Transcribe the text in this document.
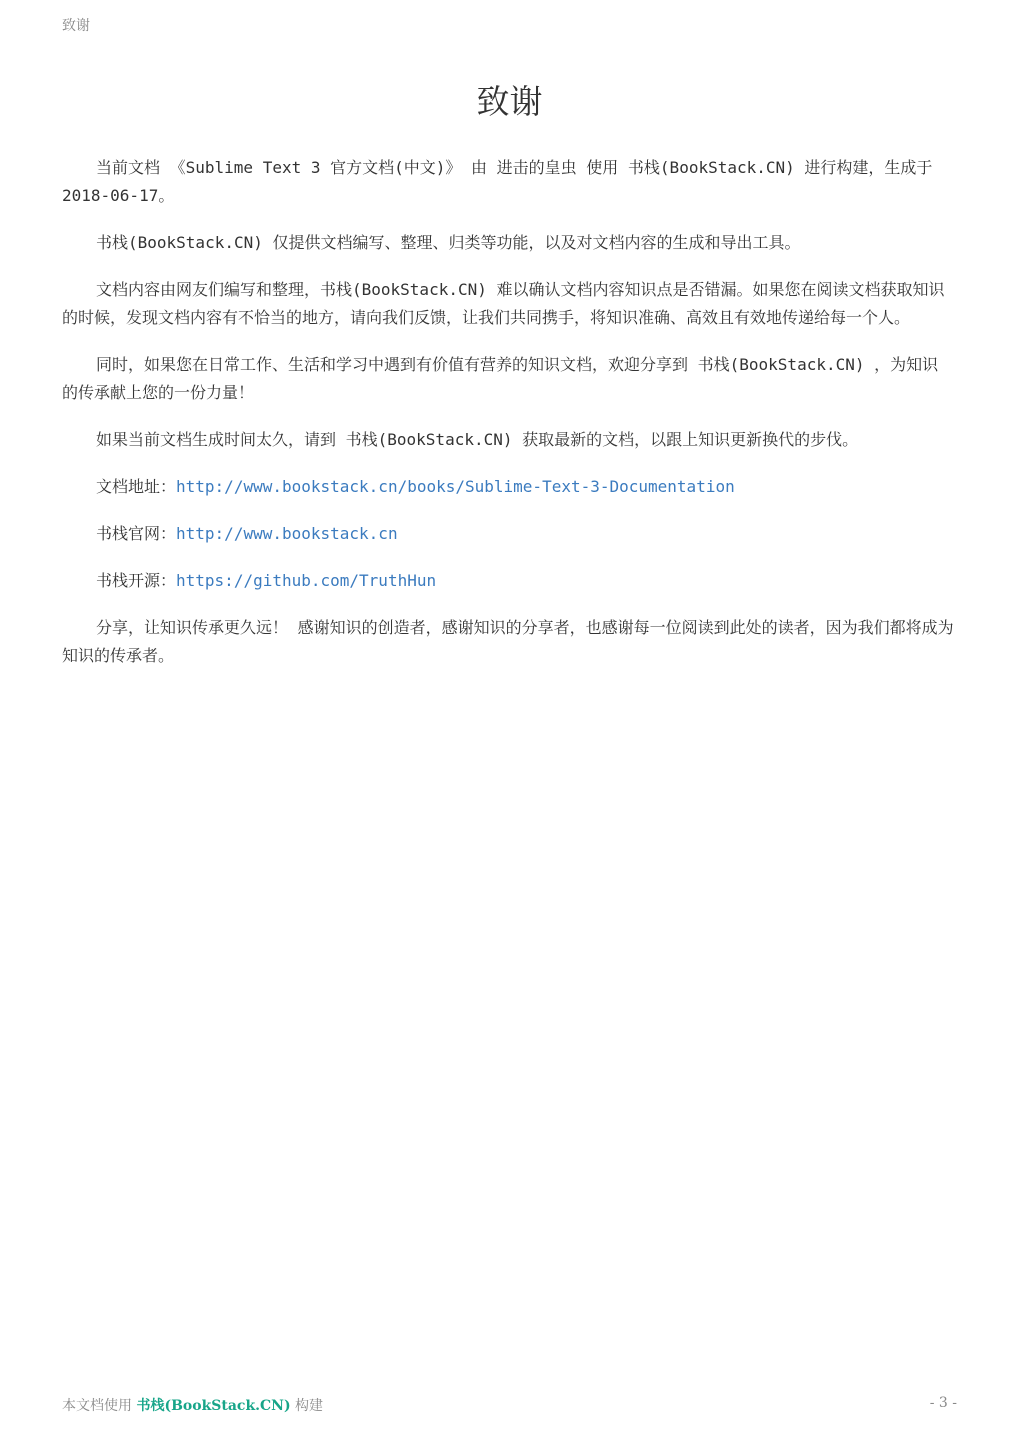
致谢
致谢

当前文档 《Sublime Text 3 官方文档(中文)》 由 进击的皇虫 使用 书栈(BookStack.CN) 进行构建，生成于 2018-06-17。

书栈(BookStack.CN) 仅提供文档编写、整理、归类等功能，以及对文档内容的生成和导出工具。

文档内容由网友们编写和整理，书栈(BookStack.CN) 难以确认文档内容知识点是否错漏。如果您在阅读文档获取知识的时候，发现文档内容有不恰当的地方，请向我们反馈，让我们共同携手，将知识准确、高效且有效地传递给每一个人。

同时，如果您在日常工作、生活和学习中遇到有价值有营养的知识文档，欢迎分享到 书栈(BookStack.CN) ，为知识的传承献上您的一份力量！

如果当前文档生成时间太久，请到 书栈(BookStack.CN) 获取最新的文档，以跟上知识更新换代的步伐。

文档地址：http://www.bookstack.cn/books/Sublime-Text-3-Documentation

书栈官网：http://www.bookstack.cn

书栈开源：https://github.com/TruthHun

分享，让知识传承更久远！ 感谢知识的创造者，感谢知识的分享者，也感谢每一位阅读到此处的读者，因为我们都将成为知识的传承者。

本文档使用 书栈(BookStack.CN) 构建	- 3 -
